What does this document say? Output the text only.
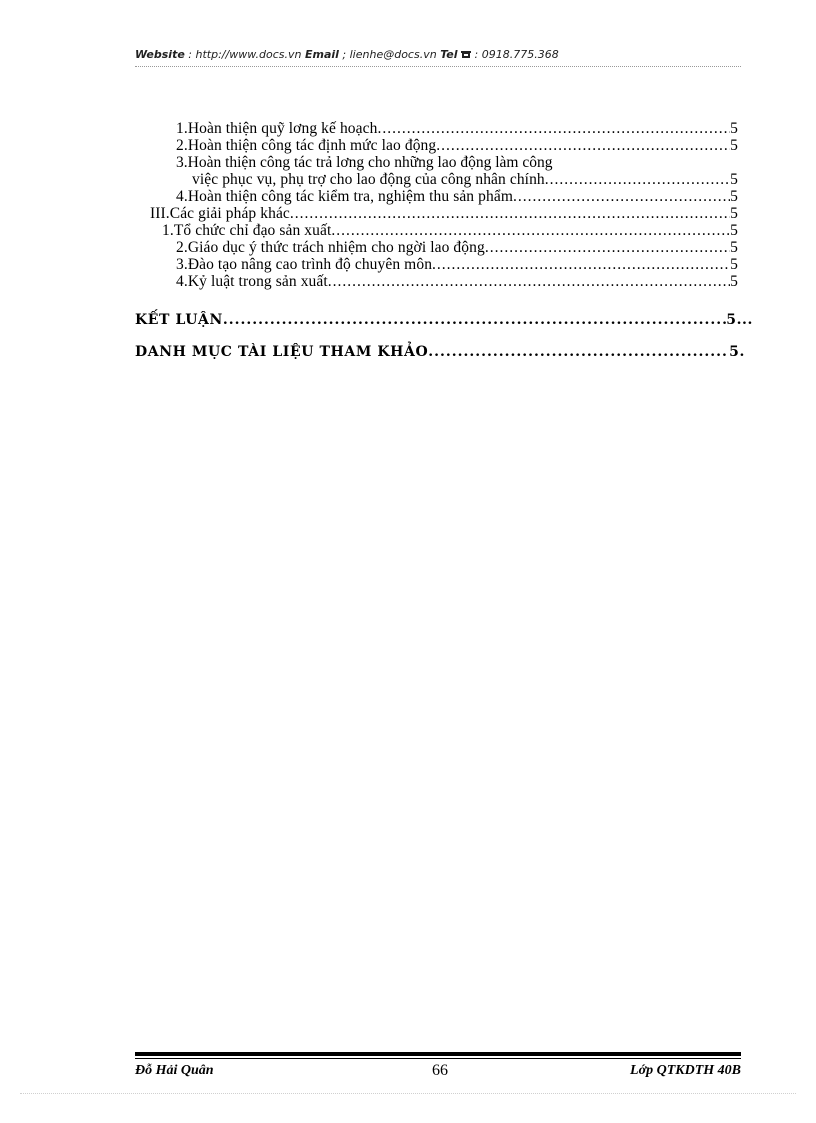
Website : http://www.docs.vn Email ; lienhe@docs.vn Tel  : 0918.775.368
1.Hoàn thiện quỹ lơng kế hoạch .....	5
2.Hoàn thiện công tác định mức lao động .....	5
3.Hoàn thiện công tác trả lơng cho những lao động làm công
việc phục vụ, phụ trợ cho lao động của công nhân chính .....	5
4.Hoàn thiện công tác kiểm tra, nghiệm thu sản phẩm .....	5
III.Các giải pháp khác .....	5
1.Tổ chức chỉ đạo sản xuất .....	5
2.Giáo dục ý thức trách nhiệm cho ngời lao động .....	5
3.Đào tạo nâng cao trình độ chuyên môn .....	5
4.Kỷ luật trong sản xuất .....	5
KẾT LUẬN .....	5...
DANH MỤC TÀI LIỆU THAM KHẢO .....	5.
Đỗ Hải Quân	66	Lớp QTKDTH 40B
